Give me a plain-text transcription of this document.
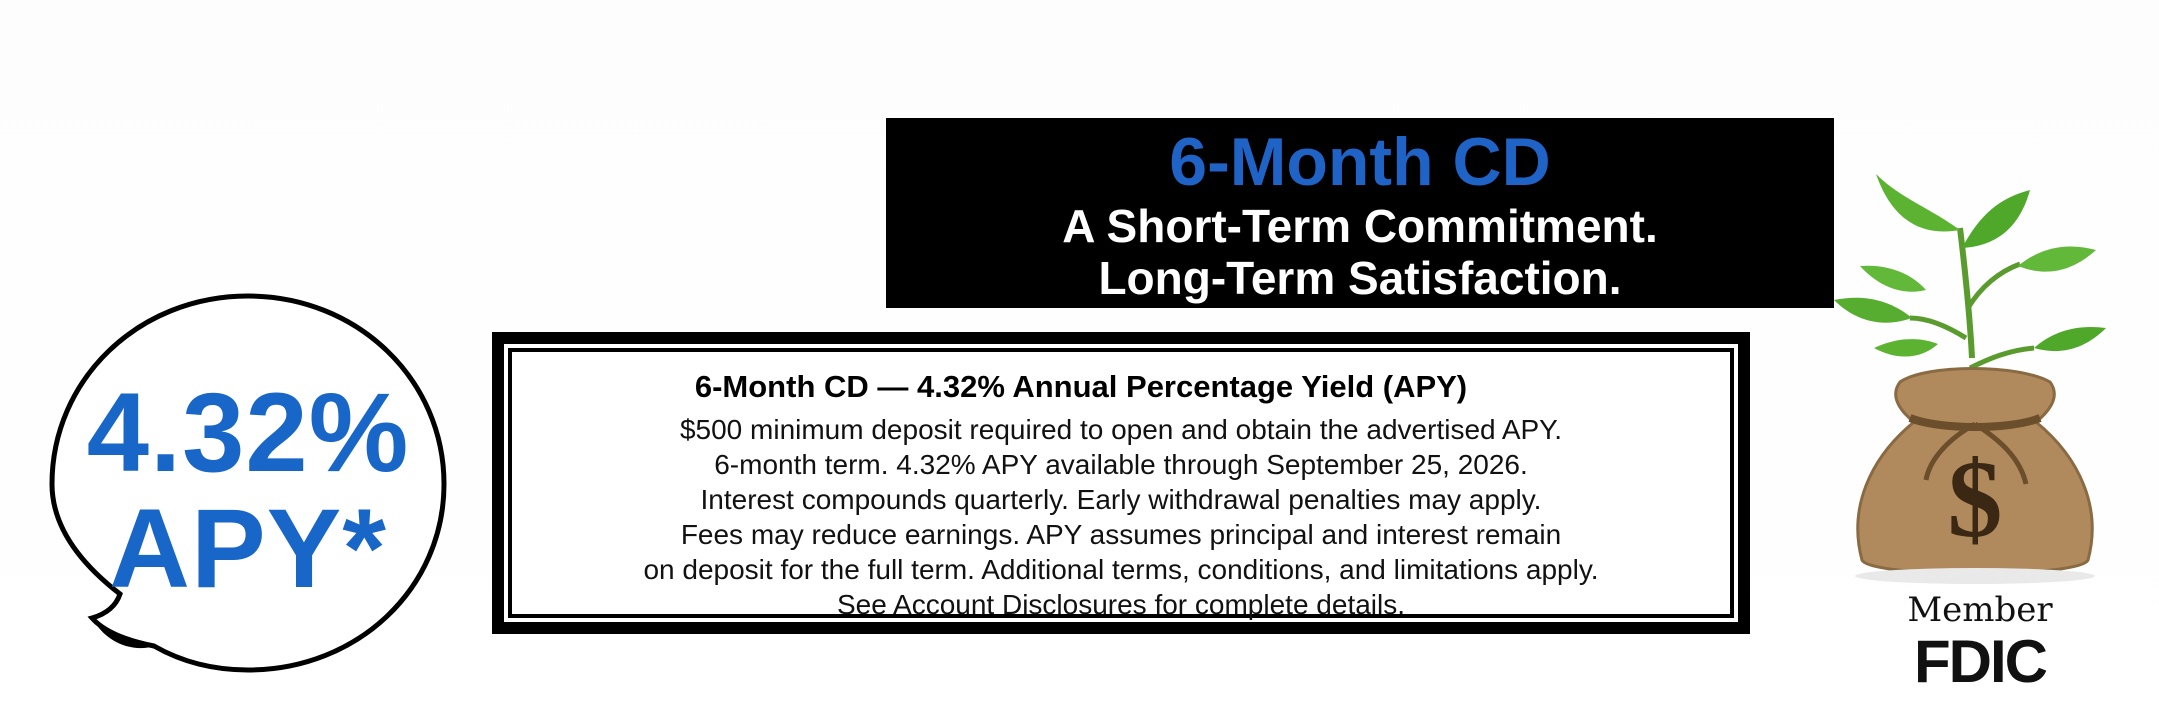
6-Month CD
A Short-Term Commitment.
Long-Term Satisfaction.
4.32%
APY*
6-Month CD — 4.32% Annual Percentage Yield (APY)
$500 minimum deposit required to open and obtain the advertised APY.
6-month term. 4.32% APY available through September 25, 2026.
Interest compounds quarterly. Early withdrawal penalties may apply.
Fees may reduce earnings. APY assumes principal and interest remain
on deposit for the full term. Additional terms, conditions, and limitations apply.
See Account Disclosures for complete details.
$
Member
FDIC
